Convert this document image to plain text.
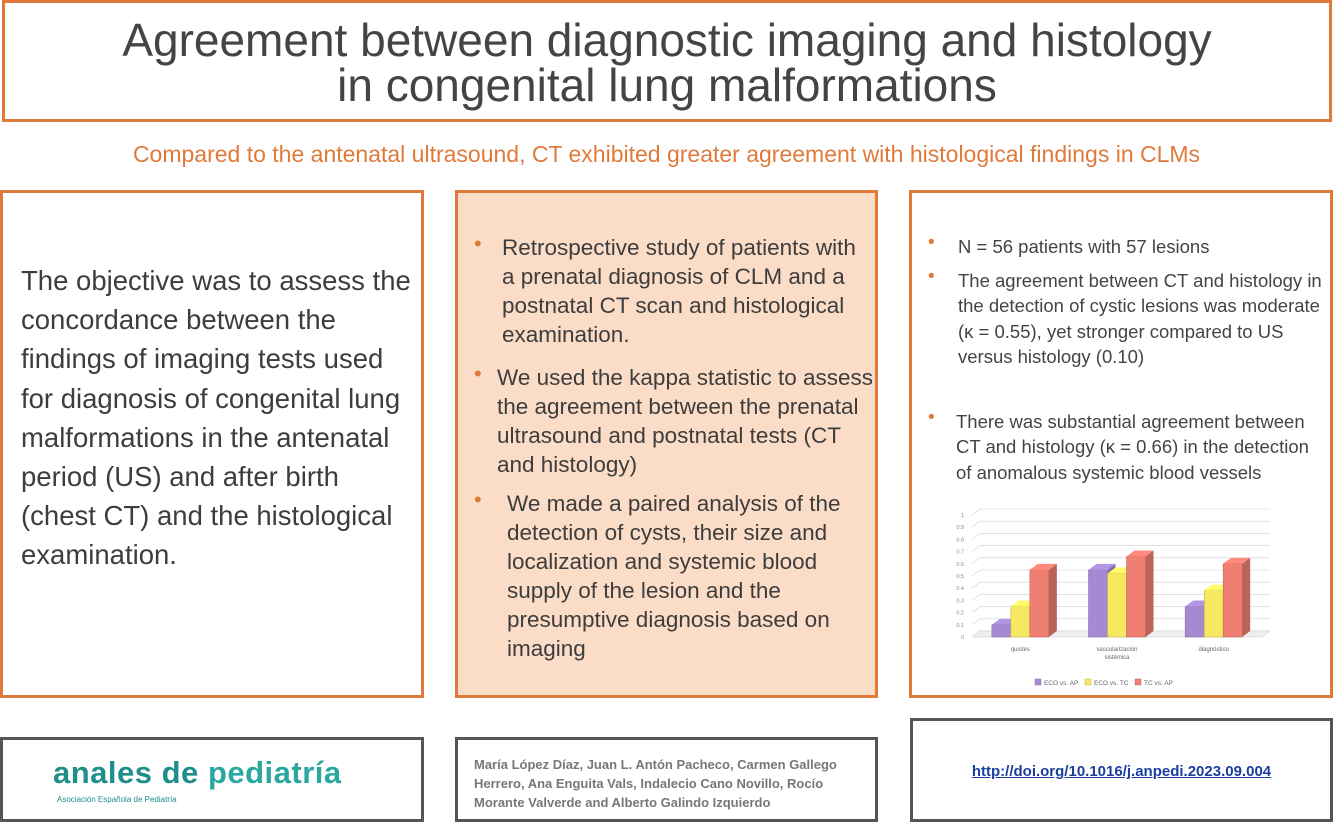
Agreement between diagnostic imaging and histology
in congenital lung malformations
Compared to the antenatal ultrasound, CT exhibited greater agreement with histological findings in CLMs
The objective was to assess the concordance between the findings of imaging tests used for diagnosis of congenital lung malformations in the antenatal period (US) and after birth (chest CT) and the histological examination.
• Retrospective study of patients with a prenatal diagnosis of CLM and a postnatal CT scan and histological examination.
• We used the kappa statistic to assess the agreement between the prenatal ultrasound and postnatal tests (CT and histology)
• We made a paired analysis of the detection of cysts, their size and localization and systemic blood supply of the lesion and the presumptive diagnosis based on imaging
• N = 56 patients with 57 lesions
• The agreement between CT and histology in the detection of cystic lesions was moderate (κ = 0.55), yet stronger compared to US versus histology (0.10)
• There was substantial agreement between CT and histology (κ = 0.66) in the detection of anomalous systemic blood vessels
0
0.1
0.2
0.3
0.4
0.5
0.6
0.7
0.8
0.9
1
quistes	vascularización
sistémica
diagnóstico
ECO vs. AP ECO vs. TC TC vs. AP
anales de pediatría
Asociación Española de Pediatría
María López Díaz, Juan L. Antón Pacheco, Carmen Gallego Herrero, Ana Enguita Vals, Indalecio Cano Novillo, Rocío Morante Valverde and Alberto Galindo Izquierdo
http://doi.org/10.1016/j.anpedi.2023.09.004
